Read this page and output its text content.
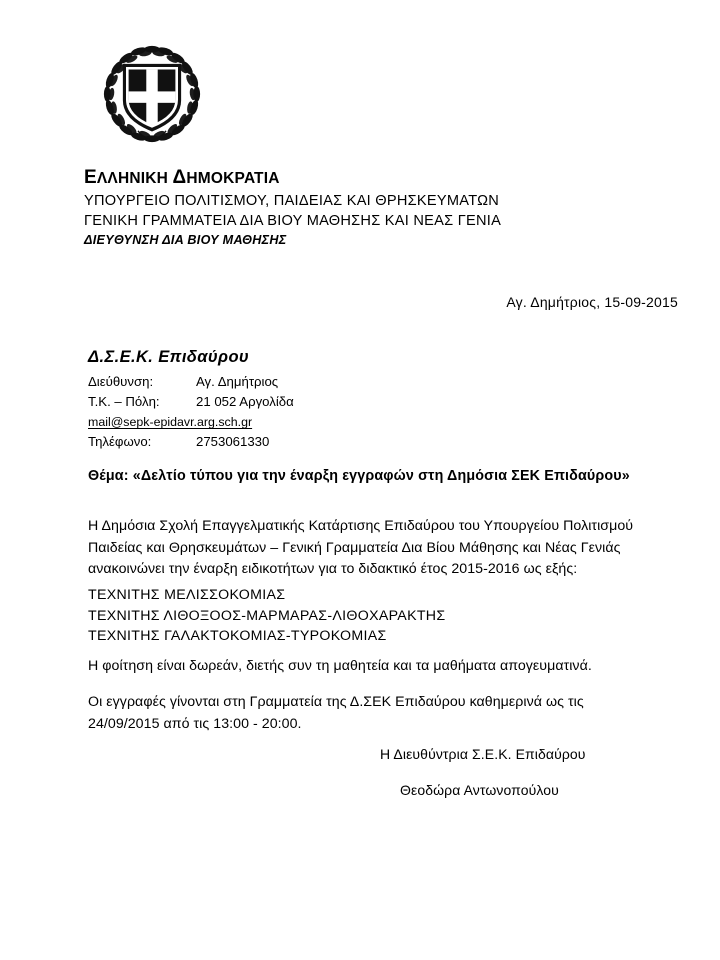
ΕΛΛΗΝΙΚΗ ΔΗΜΟΚΡΑΤΙΑ
ΥΠΟΥΡΓΕΙΟ ΠΟΛΙΤΙΣΜΟΥ, ΠΑΙΔΕΙΑΣ ΚΑΙ ΘΡΗΣΚΕΥΜΑΤΩΝ
ΓΕΝΙΚΗ ΓΡΑΜΜΑΤΕΙΑ ΔΙΑ ΒΙΟΥ ΜΑΘΗΣΗΣ ΚΑΙ ΝΕΑΣ ΓΕΝΙΑ
ΔΙΕΥΘΥΝΣΗ ΔΙΑ ΒΙΟΥ ΜΑΘΗΣΗΣ
Αγ. Δημήτριος, 15-09-2015
Δ.Σ.Ε.Κ. Επιδαύρου
Διεύθυνση:	Αγ. Δημήτριος
Τ.Κ. – Πόλη:	21 052 Αργολίδα
mail@sepk-epidavr.arg.sch.gr
Τηλέφωνο:	2753061330
Θέμα: «Δελτίο τύπου για την έναρξη εγγραφών στη Δημόσια ΣΕΚ Επιδαύρου»
Η Δημόσια Σχολή Επαγγελματικής Κατάρτισης Επιδαύρου του Υπουργείου Πολιτισμού Παιδείας και Θρησκευμάτων – Γενική Γραμματεία Δια Βίου Μάθησης και Νέας Γενιάς ανακοινώνει την έναρξη ειδικοτήτων για το διδακτικό έτος 2015-2016 ως εξής:
ΤΕΧΝΙΤΗΣ ΜΕΛΙΣΣΟΚΟΜΙΑΣ
ΤΕΧΝΙΤΗΣ ΛΙΘΟΞΟΟΣ-ΜΑΡΜΑΡΑΣ-ΛΙΘΟΧΑΡΑΚΤΗΣ
ΤΕΧΝΙΤΗΣ ΓΑΛΑΚΤΟΚΟΜΙΑΣ-ΤΥΡΟΚΟΜΙΑΣ
Η φοίτηση είναι δωρεάν, διετής συν τη μαθητεία και τα μαθήματα απογευματινά.
Οι εγγραφές γίνονται στη Γραμματεία της Δ.ΣΕΚ Επιδαύρου καθημερινά ως τις 24/09/2015 από τις 13:00 - 20:00.
Η Διευθύντρια Σ.Ε.Κ. Επιδαύρου
Θεοδώρα Αντωνοπούλου
